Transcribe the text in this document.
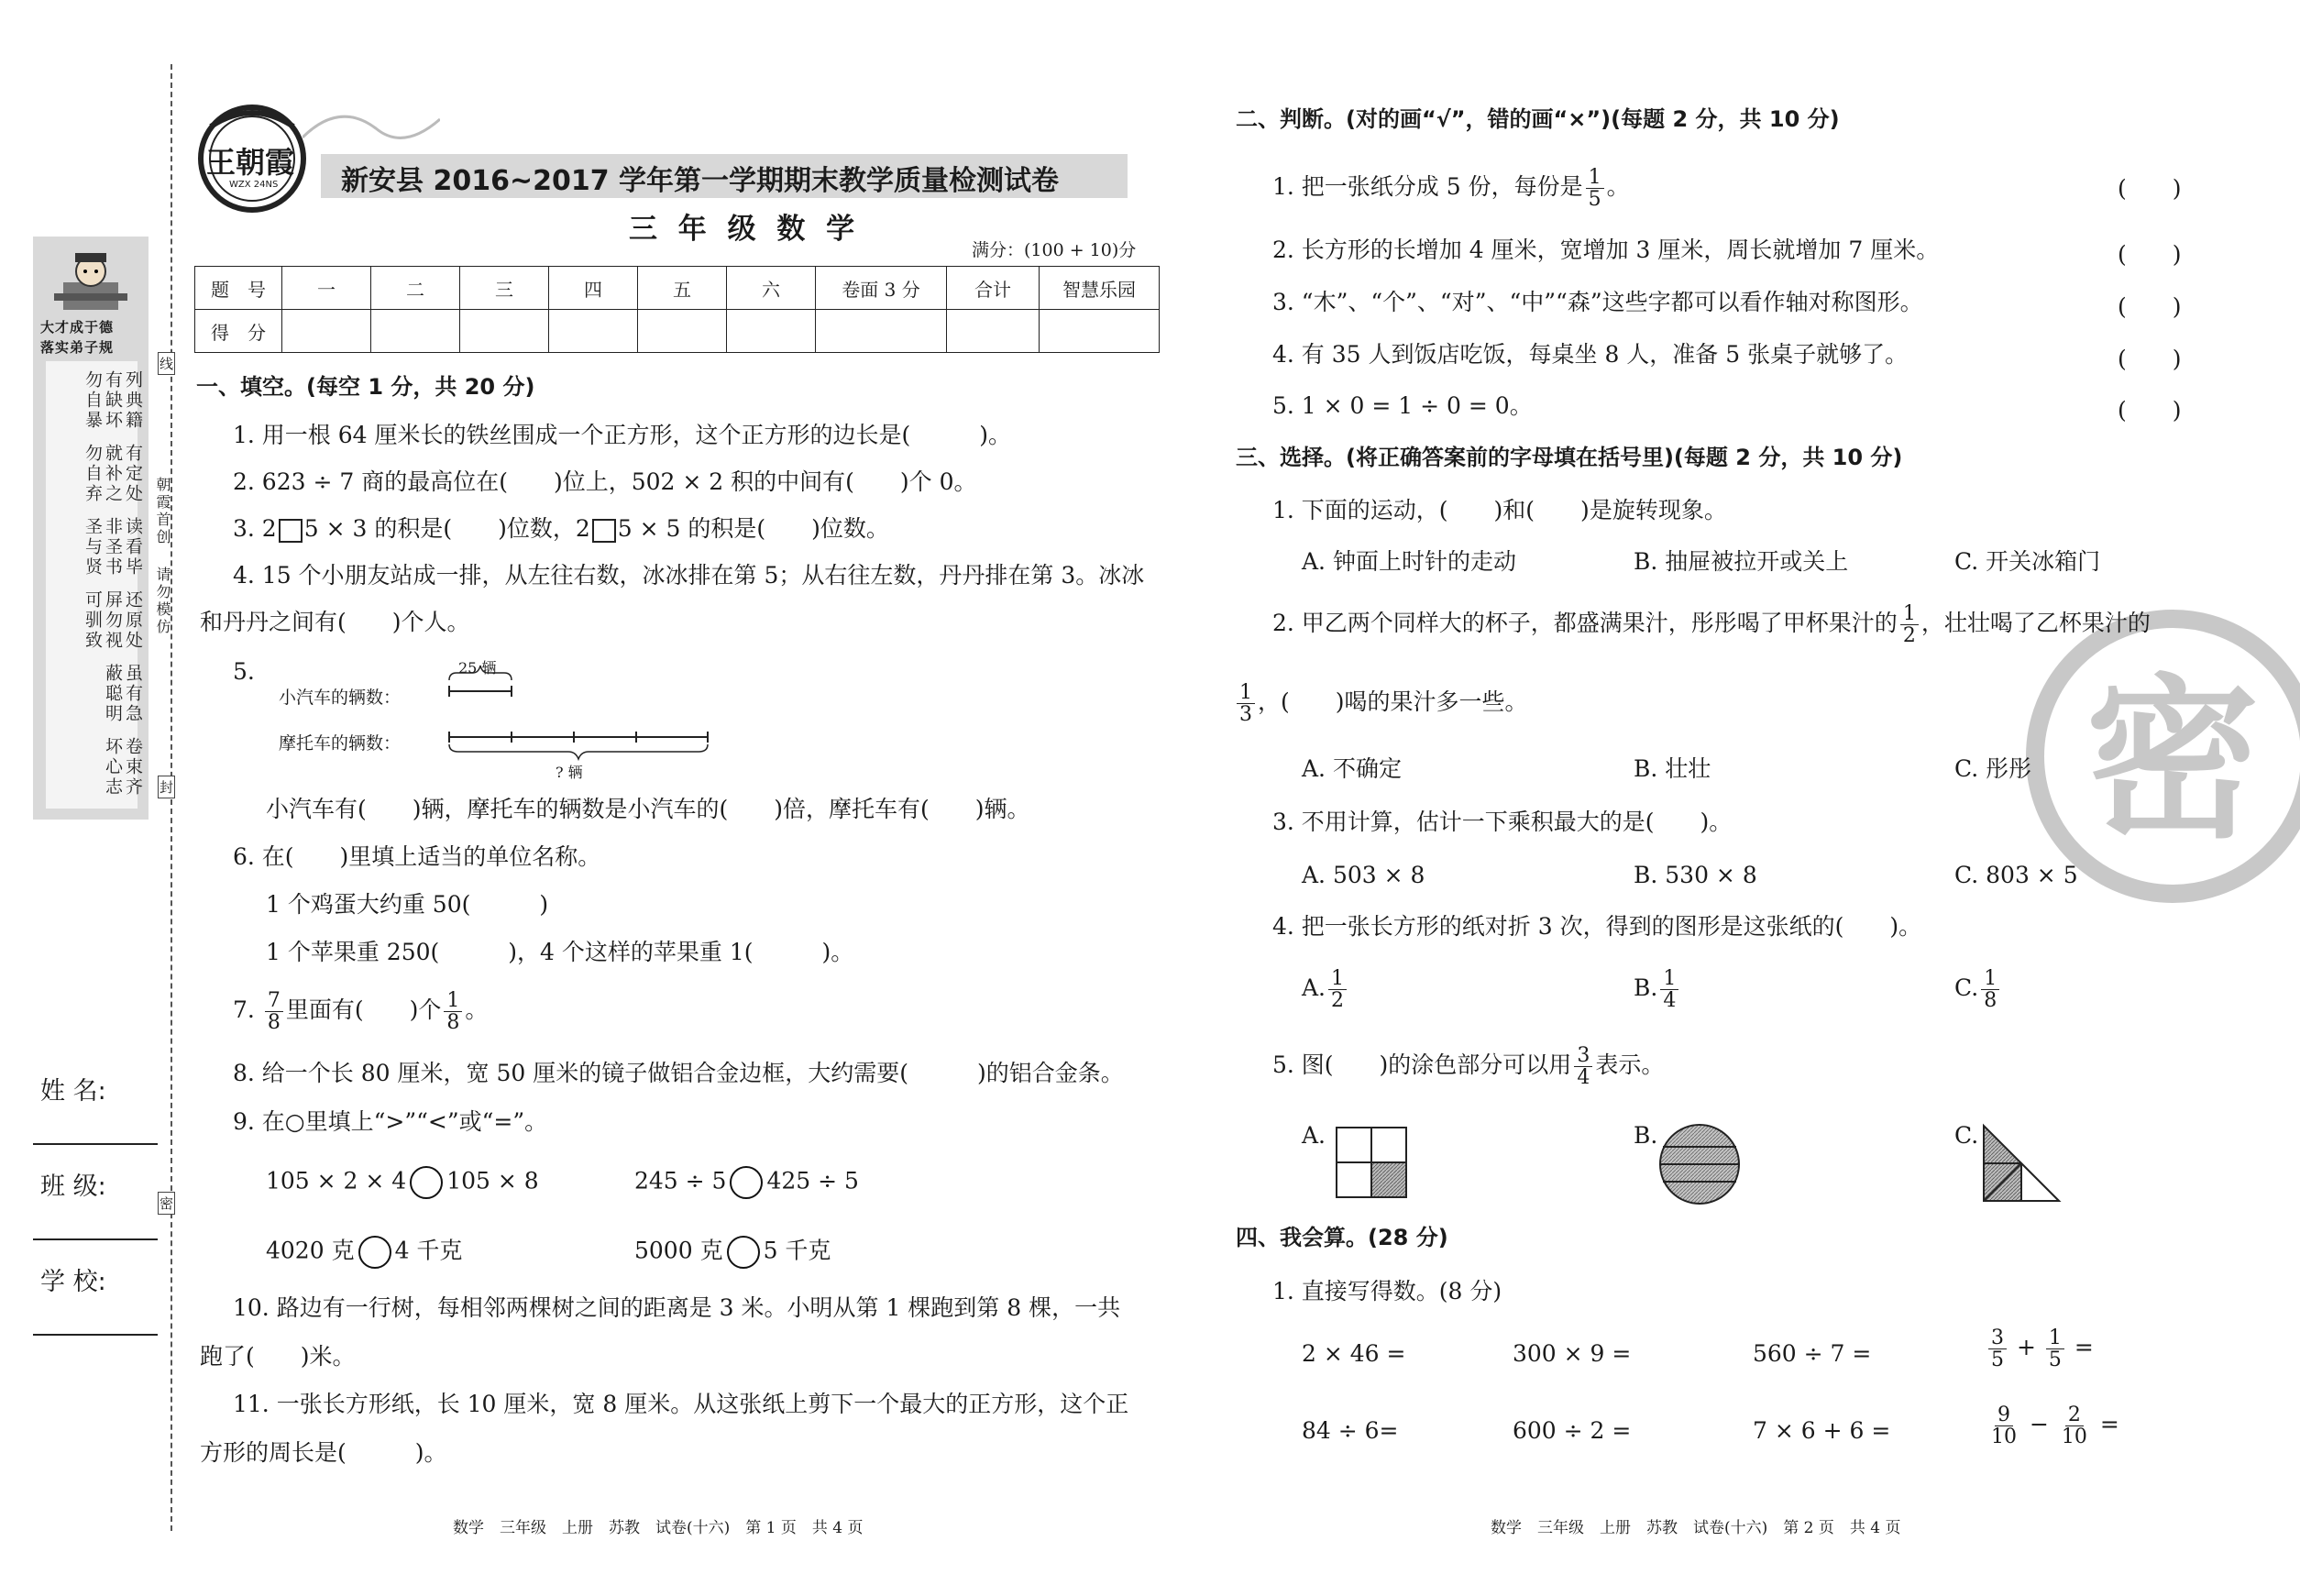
大才成于德
落实弟子规
列典籍
有缺坏
勿自暴
有定处
就补之
勿自弃
读看毕
非圣书
圣与贤
还原处
屏勿视
可驯致
虽有急
蔽聪明
卷束齐
坏心志
朝霞首创
请勿模仿
线
封
密
姓 名:
班 级:
学 校:
王朝霞
WZX 24NS 新安县 2016~2017 学年第一学期期末教学质量检测试卷
三 年 级 数 学
满分：(100 + 10)分
题　号	一	二	三	四	五	六	卷面 3 分	合计	智慧乐园
得　分									
一、填空。(每空 1 分，共 20 分)
1. 用一根 64 厘米长的铁丝围成一个正方形，这个正方形的边长是(　　　)。
2. 623 ÷ 7 商的最高位在(　　)位上，502 × 2 积的中间有(　　)个 0。
3. 2 5 × 3 的积是(　　)位数，2 5 × 5 的积是(　　)位数。
4. 15 个小朋友站成一排，从左往右数，冰冰排在第 5；从右往左数，丹丹排在第 3。冰冰
和丹丹之间有(　　)个人。
5.
小汽车的辆数：
摩托车的辆数：
25 辆
? 辆
小汽车有(　　)辆，摩托车的辆数是小汽车的(　　)倍，摩托车有(　　)辆。
6. 在(　　)里填上适当的单位名称。
1 个鸡蛋大约重 50(　　　)
1 个苹果重 250(　　　)，4 个这样的苹果重 1(　　　)。
7. $\frac{7}{8}$ 里面有(　　)个 $\frac{1}{8}$ 。
8. 给一个长 80 厘米，宽 50 厘米的镜子做铝合金边框，大约需要(　　　)的铝合金条。
9. 在○里填上“>”“<”或“=”。
105 × 2 × 4 105 × 8	245 ÷ 5 425 ÷ 5
4020 克 4 千克	5000 克 5 千克
10. 路边有一行树，每相邻两棵树之间的距离是 3 米。小明从第 1 棵跑到第 8 棵，一共
跑了(　　)米。
11. 一张长方形纸，长 10 厘米，宽 8 厘米。从这张纸上剪下一个最大的正方形，这个正
方形的周长是(　　　)。
数学　三年级　上册　苏教　试卷(十六)　第 1 页　共 4 页
密
二、判断。(对的画“√”，错的画“×”)(每题 2 分，共 10 分)
1. 把一张纸分成 5 份，每份是 $\frac{1}{5}$ 。	(　　)
2. 长方形的长增加 4 厘米，宽增加 3 厘米，周长就增加 7 厘米。	(　　)
3. “木”、“个”、“对”、“中”“森”这些字都可以看作轴对称图形。	(　　)
4. 有 35 人到饭店吃饭，每桌坐 8 人，准备 5 张桌子就够了。	(　　)
5. 1 × 0 = 1 ÷ 0 = 0。	(　　)
三、选择。(将正确答案前的字母填在括号里)(每题 2 分，共 10 分)
1. 下面的运动，(　　)和(　　)是旋转现象。
A. 钟面上时针的走动	B. 抽屉被拉开或关上	C. 开关冰箱门
2. 甲乙两个同样大的杯子，都盛满果汁，彤彤喝了甲杯果汁的 $\frac{1}{2}$ ，壮壮喝了乙杯果汁的
$\frac{1}{3}$ ，(　　)喝的果汁多一些。
A. 不确定	B. 壮壮	C. 彤彤
3. 不用计算，估计一下乘积最大的是(　　)。
A. 503 × 8	B. 530 × 8	C. 803 × 5
4. 把一张长方形的纸对折 3 次，得到的图形是这张纸的(　　)。
A. $\frac{1}{2}$	B. $\frac{1}{4}$	C. $\frac{1}{8}$
5. 图(　　)的涂色部分可以用 $\frac{3}{4}$ 表示。
A.	B.	C.
四、我会算。(28 分)
1. 直接写得数。(8 分)
2 × 46 =	300 × 9 =	560 ÷ 7 =	$\frac{3}{5} + \frac{1}{5}$ =
84 ÷ 6=	600 ÷ 2 =	7 × 6 + 6 =	$\frac{9}{10} - \frac{2}{10}$ =
数学　三年级　上册　苏教　试卷(十六)　第 2 页　共 4 页
